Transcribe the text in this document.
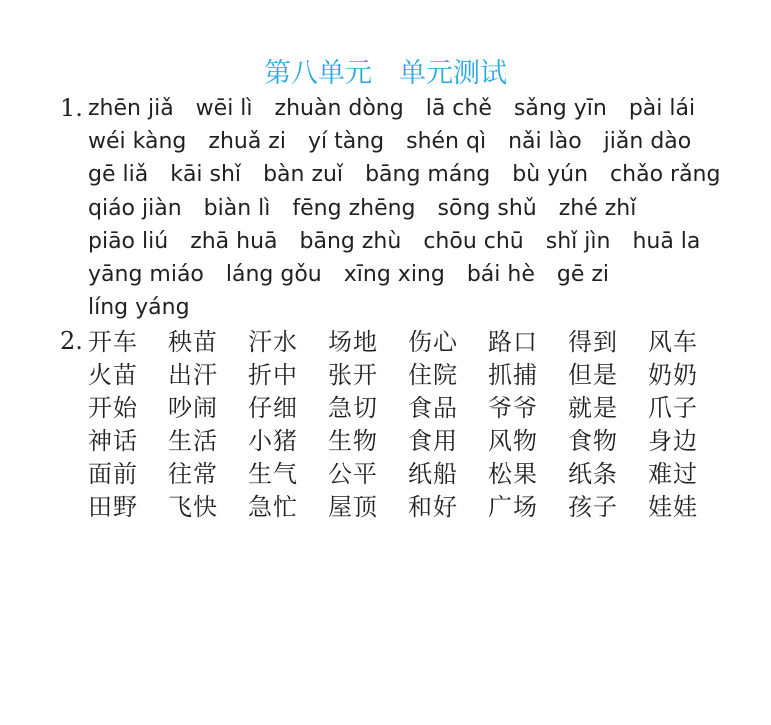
第八单元　单元测试
1. zhēn jiǎ wēi lì zhuàn dòng lā chě sǎng yīn pài lái
wéi kàng zhuǎ zi yí tàng shén qì nǎi lào jiǎn dào
gē liǎ kāi shǐ bàn zuǐ bāng máng bù yún chǎo rǎng
qiáo jiàn biàn lì fēng zhēng sōng shǔ zhé zhǐ
piāo liú zhā huā bāng zhù chōu chū shǐ jìn huā la
yāng miáo láng gǒu xīng xing bái hè gē zi
líng yáng
2. 开车 秧苗 汗水 场地 伤心 路口 得到 风车
火苗 出汗 折中 张开 住院 抓捕 但是 奶奶
开始 吵闹 仔细 急切 食品 爷爷 就是 爪子
神话 生活 小猪 生物 食用 风物 食物 身边
面前 往常 生气 公平 纸船 松果 纸条 难过
田野 飞快 急忙 屋顶 和好 广场 孩子 娃娃
